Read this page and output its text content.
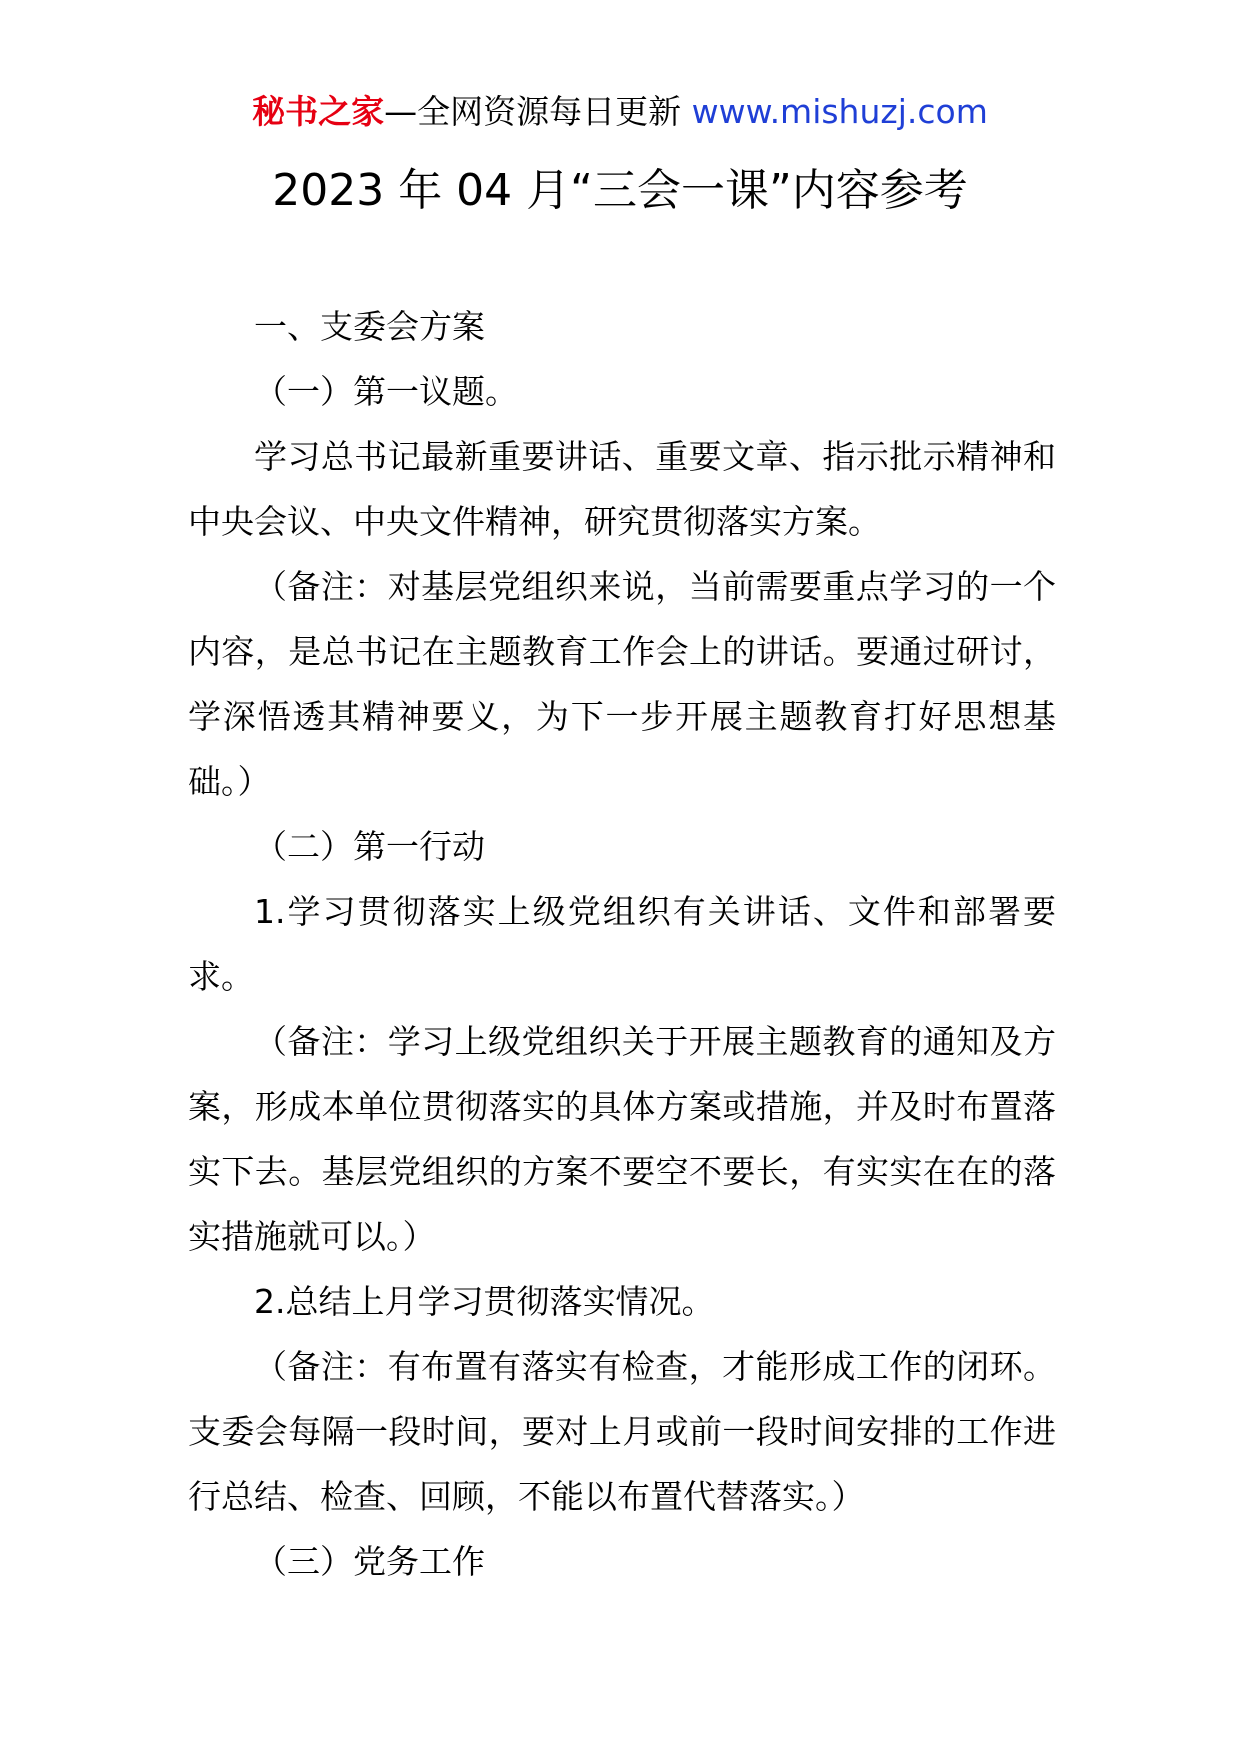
秘书之家—全网资源每日更新 www.mishuzj.com
2023 年 04 月“三会一课”内容参考

一、支委会方案

（一）第一议题。

学习总书记最新重要讲话、重要文章、指示批示精神和中央会议、中央文件精神，研究贯彻落实方案。

（备注：对基层党组织来说，当前需要重点学习的一个内容，是总书记在主题教育工作会上的讲话。要通过研讨，学深悟透其精神要义，为下一步开展主题教育打好思想基础。）

（二）第一行动

1.学习贯彻落实上级党组织有关讲话、文件和部署要求。

（备注：学习上级党组织关于开展主题教育的通知及方案，形成本单位贯彻落实的具体方案或措施，并及时布置落实下去。基层党组织的方案不要空不要长，有实实在在的落实措施就可以。）

2.总结上月学习贯彻落实情况。

（备注：有布置有落实有检查，才能形成工作的闭环。支委会每隔一段时间，要对上月或前一段时间安排的工作进行总结、检查、回顾，不能以布置代替落实。）

（三）党务工作
